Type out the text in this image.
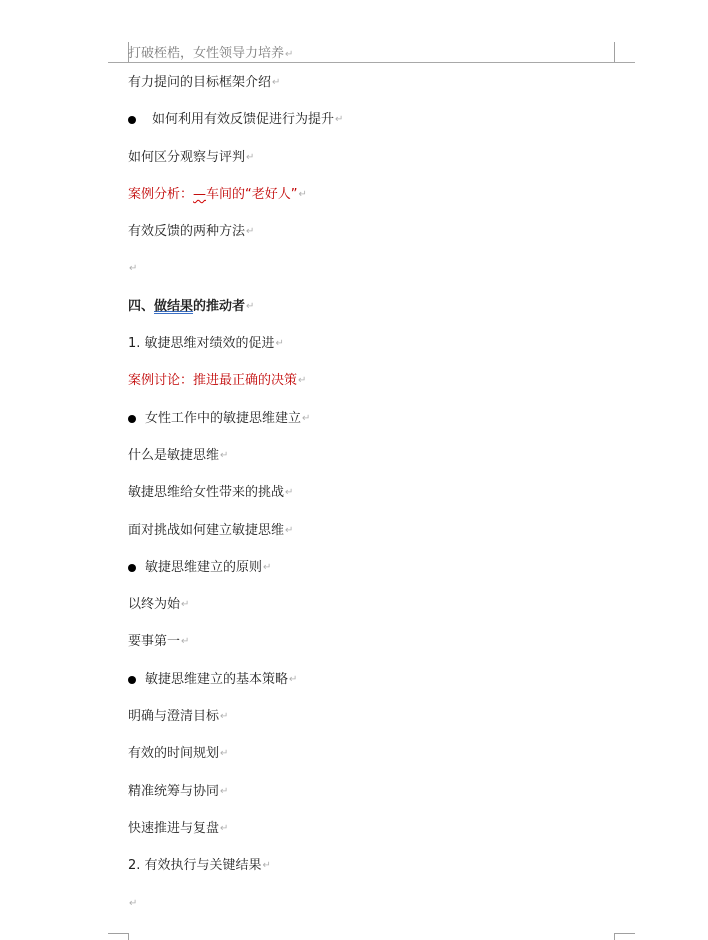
打破桎梏，女性领导力培养↵
有力提问的目标框架介绍 ↵
如何利用有效反馈促进行为提升 ↵
如何区分观察与评判 ↵
案例分析：—车间的“老好人” ↵
有效反馈的两种方法 ↵
↵
四、做结果的推动者 ↵
1. 敏捷思维对绩效的促进 ↵
案例讨论：推进最正确的决策 ↵
女性工作中的敏捷思维建立 ↵
什么是敏捷思维 ↵
敏捷思维给女性带来的挑战 ↵
面对挑战如何建立敏捷思维 ↵
敏捷思维建立的原则 ↵
以终为始 ↵
要事第一 ↵
敏捷思维建立的基本策略 ↵
明确与澄清目标 ↵
有效的时间规划 ↵
精准统筹与协同 ↵
快速推进与复盘 ↵
2. 有效执行与关键结果 ↵
↵
